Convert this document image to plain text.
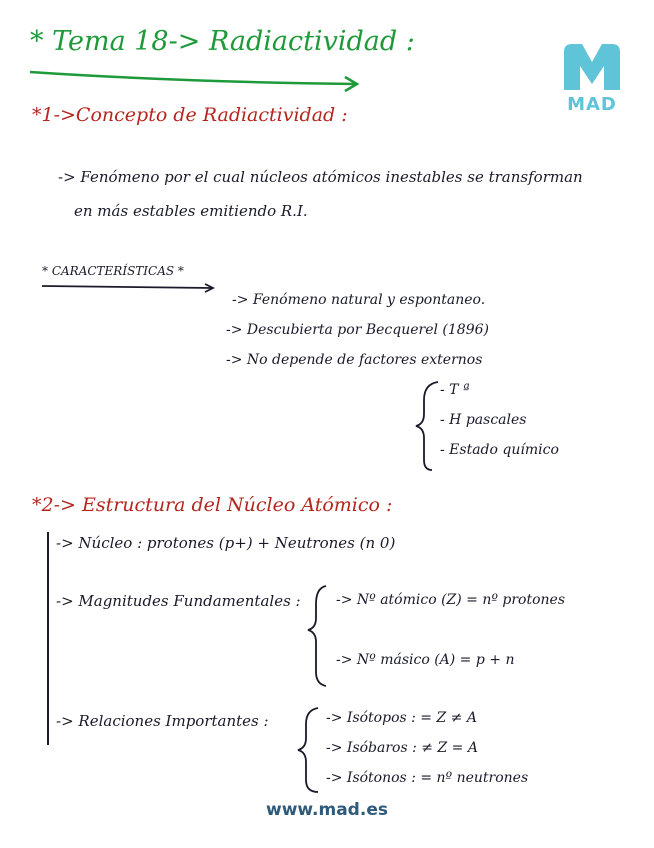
* Tema 18-> Radiactividad :
MAD
*1->Concepto de Radiactividad :
-> Fenómeno por el cual núcleos atómicos inestables se transforman
en más estables emitiendo R.I.
* CARACTERÍSTICAS *
-> Fenómeno natural y espontaneo.
-> Descubierta por Becquerel (1896)
-> No depende de factores externos
- T ª
- H pascales
- Estado químico
*2-> Estructura del Núcleo Atómico :
-> Núcleo : protones (p+) + Neutrones (n 0)
-> Magnitudes Fundamentales :	-> Nº atómico (Z) = nº protones
-> Nº másico (A) = p + n
-> Relaciones Importantes :	-> Isótopos : = Z ≠ A
-> Isóbaros : ≠ Z = A
-> Isótonos : = nº neutrones
www.mad.es
